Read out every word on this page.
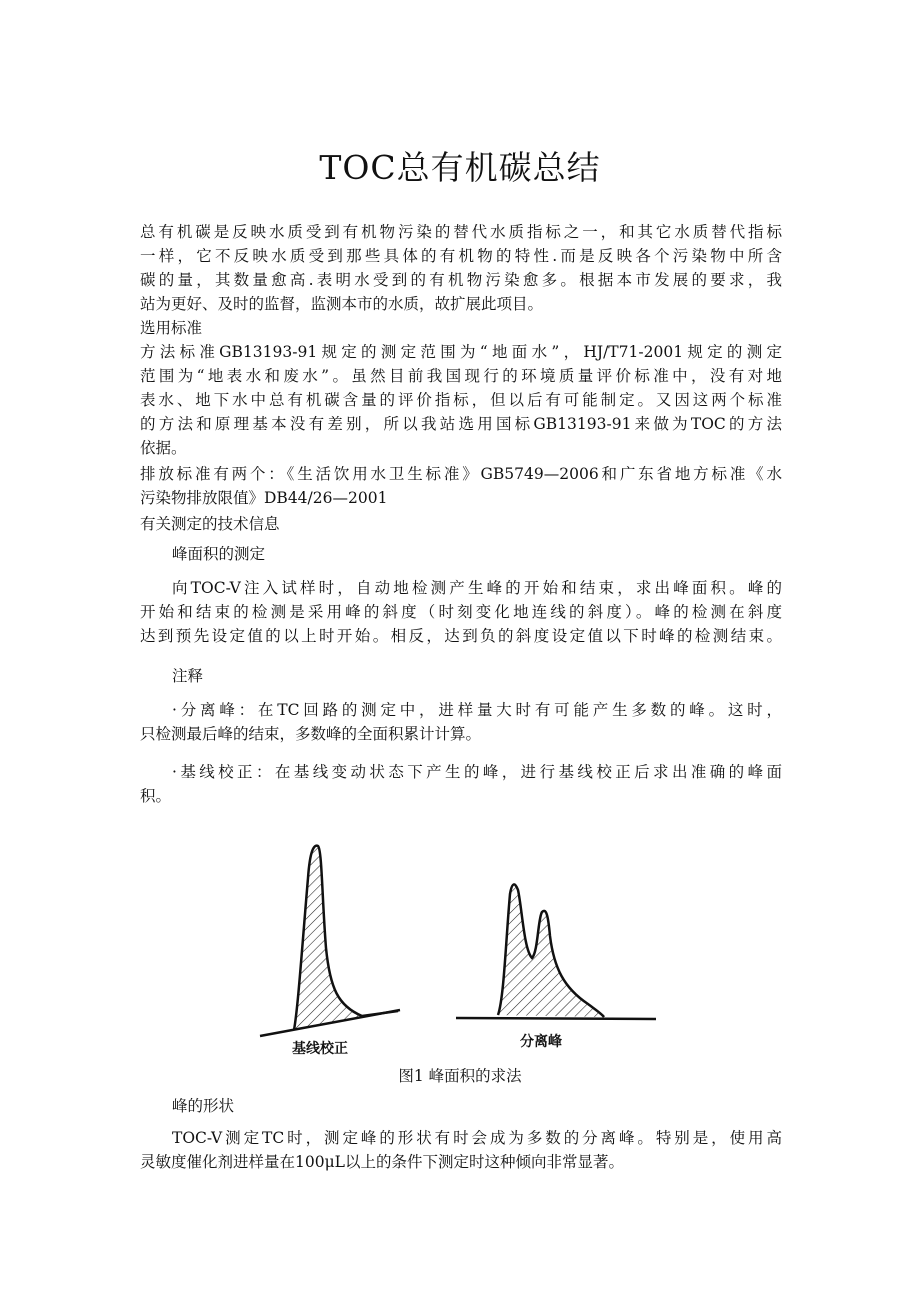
TOC总有机碳总结

总有机碳是反映水质受到有机物污染的替代水质指标之一，和其它水质替代指标

一样，它不反映水质受到那些具体的有机物的特性.而是反映各个污染物中所含

碳的量，其数量愈高.表明水受到的有机物污染愈多。根据本市发展的要求，我

站为更好、及时的监督，监测本市的水质，故扩展此项目。

选用标准

方法标准GB13193-91规定的测定范围为“地面水”，HJ/T71-2001规定的测定

范围为“地表水和废水”。虽然目前我国现行的环境质量评价标准中，没有对地

表水、地下水中总有机碳含量的评价指标，但以后有可能制定。又因这两个标准

的方法和原理基本没有差别，所以我站选用国标GB13193-91来做为TOC的方法

依据。

排放标准有两个：《生活饮用水卫生标准》GB5749—2006和广东省地方标准《水

污染物排放限值》DB44/26—2001

有关测定的技术信息

峰面积的测定

向TOC-V注入试样时，自动地检测产生峰的开始和结束，求出峰面积。峰的

开始和结束的检测是采用峰的斜度（时刻变化地连线的斜度）。峰的检测在斜度

达到预先设定值的以上时开始。相反，达到负的斜度设定值以下时峰的检测结束。

注释

·分离峰：在TC回路的测定中，进样量大时有可能产生多数的峰。这时，

只检测最后峰的结束，多数峰的全面积累计计算。

·基线校正：在基线变动状态下产生的峰，进行基线校正后求出准确的峰面

积。

基线校正	分离峰
图1 峰面积的求法

峰的形状

TOC-V测定TC时，测定峰的形状有时会成为多数的分离峰。特别是，使用高

灵敏度催化剂进样量在100μL以上的条件下测定时这种倾向非常显著。
